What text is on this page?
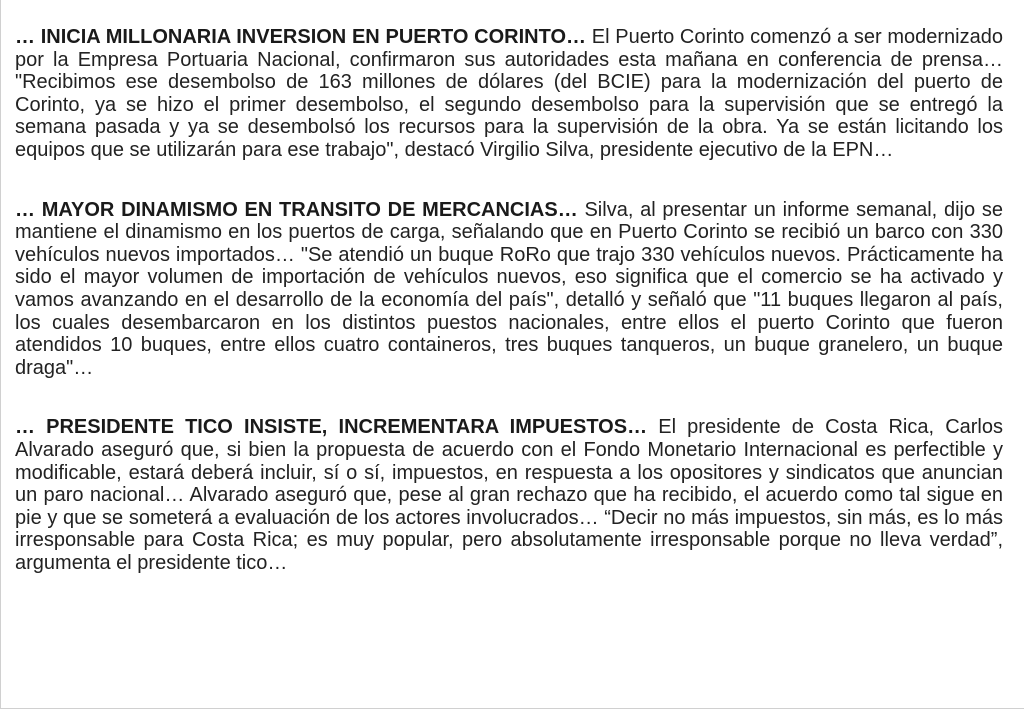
… INICIA MILLONARIA INVERSION EN PUERTO CORINTO… El Puerto Corinto comenzó a ser modernizado por la Empresa Portuaria Nacional, confirmaron sus autoridades esta mañana en conferencia de prensa… "Recibimos ese desembolso de 163 millones de dólares (del BCIE) para la modernización del puerto de Corinto, ya se hizo el primer desembolso, el segundo desembolso para la supervisión que se entregó la semana pasada y ya se desembolsó los recursos para la supervisión de la obra. Ya se están licitando los equipos que se utilizarán para ese trabajo", destacó Virgilio Silva, presidente ejecutivo de la EPN…

… MAYOR DINAMISMO EN TRANSITO DE MERCANCIAS… Silva, al presentar un informe semanal, dijo se mantiene el dinamismo en los puertos de carga, señalando que en Puerto Corinto se recibió un barco con 330 vehículos nuevos importados… "Se atendió un buque RoRo que trajo 330 vehículos nuevos. Prácticamente ha sido el mayor volumen de importación de vehículos nuevos, eso significa que el comercio se ha activado y vamos avanzando en el desarrollo de la economía del país", detalló y señaló que "11 buques llegaron al país, los cuales desembarcaron en los distintos puestos nacionales, entre ellos el puerto Corinto que fueron atendidos 10 buques, entre ellos cuatro containeros, tres buques tanqueros, un buque granelero, un buque draga"…

… PRESIDENTE TICO INSISTE, INCREMENTARA IMPUESTOS… El presidente de Costa Rica, Carlos Alvarado aseguró que, si bien la propuesta de acuerdo con el Fondo Monetario Internacional es perfectible y modificable, estará deberá incluir, sí o sí, impuestos, en respuesta a los opositores y sindicatos que anuncian un paro nacional… Alvarado aseguró que, pese al gran rechazo que ha recibido, el acuerdo como tal sigue en pie y que se someterá a evaluación de los actores involucrados… “Decir no más impuestos, sin más, es lo más irresponsable para Costa Rica; es muy popular, pero absolutamente irresponsable porque no lleva verdad”, argumenta el presidente tico…
